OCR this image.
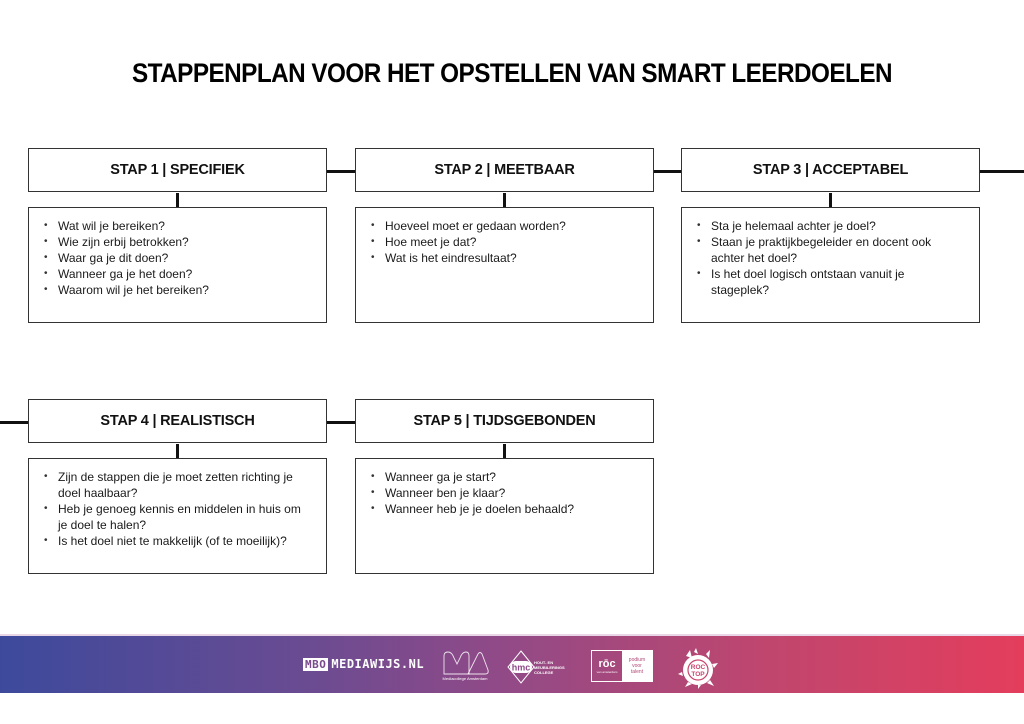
STAPPENPLAN VOOR HET OPSTELLEN VAN SMART LEERDOELEN
STAP 1 | SPECIFIEK
• Wat wil je bereiken?
• Wie zijn erbij betrokken?
• Waar ga je dit doen?
• Wanneer ga je het doen?
• Waarom wil je het bereiken?
STAP 2 | MEETBAAR
• Hoeveel moet er gedaan worden?
• Hoe meet je dat?
• Wat is het eindresultaat?
STAP 3 | ACCEPTABEL
• Sta je helemaal achter je doel?
• Staan je praktijkbegeleider en docent ook achter het doel?
• Is het doel logisch ontstaan vanuit je stageplek?
STAP 4 | REALISTISCH
• Zijn de stappen die je moet zetten richting je doel haalbaar?
• Heb je genoeg kennis en middelen in huis om je doel te halen?
• Is het doel niet te makkelijk (of te moeilijk)?
STAP 5 | TIJDSGEBONDEN
• Wanneer ga je start?
• Wanneer ben je klaar?
• Wanneer heb je je doelen behaald?
MBO MEDIAWIJS.NL
Mediacollege Amsterdam
hmc HOUT- EN
MEUBILERINGS
COLLEGE
rōc
van amsterdam
podium
voor
talent
ROC
TOP
